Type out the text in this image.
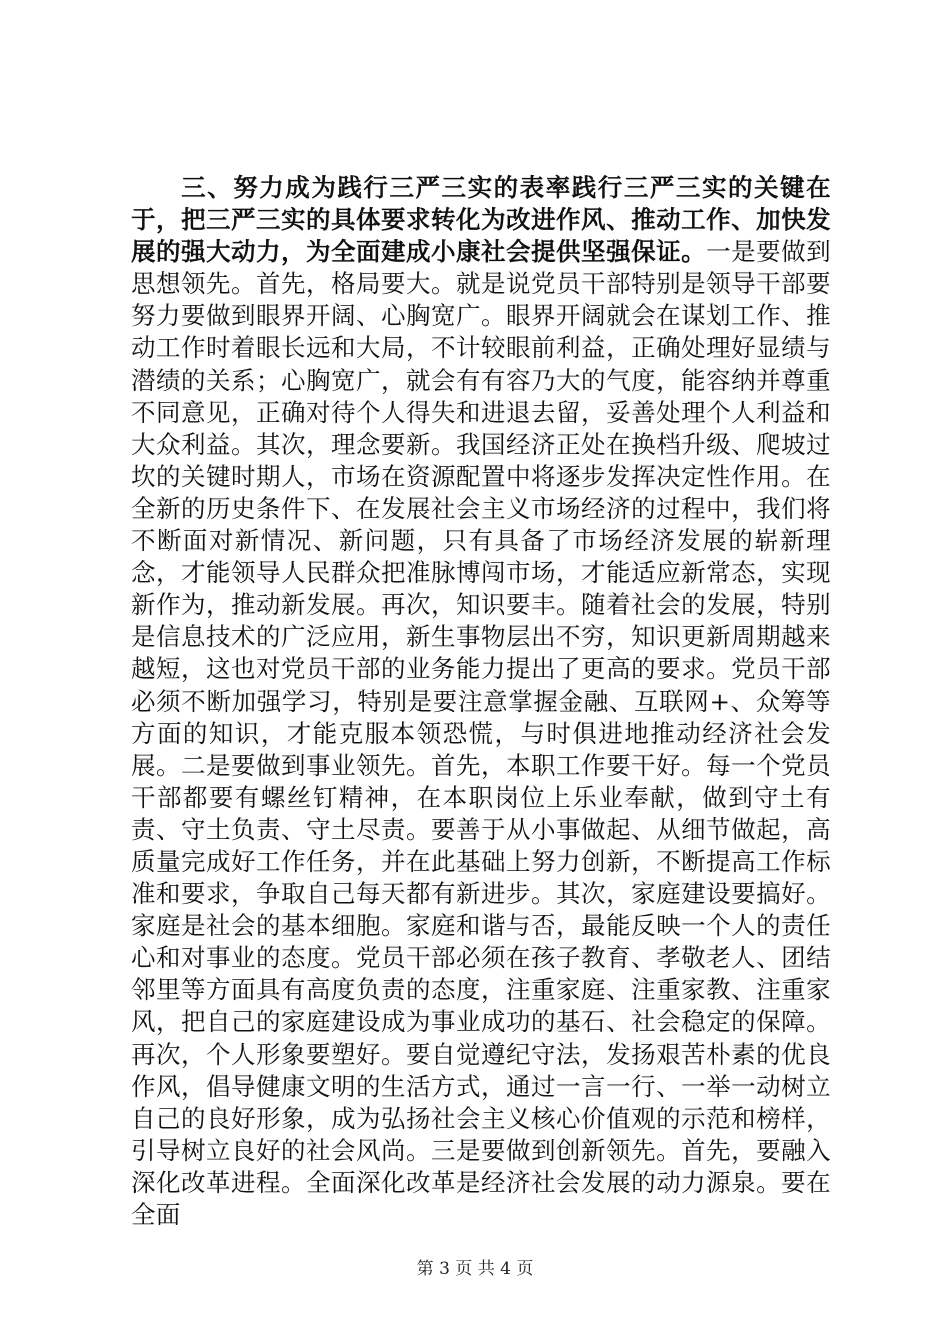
三、努力成为践行三严三实的表率践行三严三实的关键在于，把三严三实的具体要求转化为改进作风、推动工作、加快发展的强大动力，为全面建成小康社会提供坚强保证。一是要做到思想领先。首先，格局要大。就是说党员干部特别是领导干部要努力要做到眼界开阔、心胸宽广。眼界开阔就会在谋划工作、推动工作时着眼长远和大局，不计较眼前利益，正确处理好显绩与潜绩的关系；心胸宽广，就会有有容乃大的气度，能容纳并尊重不同意见，正确对待个人得失和进退去留，妥善处理个人利益和大众利益。其次，理念要新。我国经济正处在换档升级、爬坡过坎的关键时期人，市场在资源配置中将逐步发挥决定性作用。在全新的历史条件下、在发展社会主义市场经济的过程中，我们将不断面对新情况、新问题，只有具备了市场经济发展的崭新理念，才能领导人民群众把准脉博闯市场，才能适应新常态，实现新作为，推动新发展。再次，知识要丰。随着社会的发展，特别是信息技术的广泛应用，新生事物层出不穷，知识更新周期越来越短，这也对党员干部的业务能力提出了更高的要求。党员干部必须不断加强学习，特别是要注意掌握金融、互联网+、众筹等方面的知识，才能克服本领恐慌，与时俱进地推动经济社会发展。二是要做到事业领先。首先，本职工作要干好。每一个党员干部都要有螺丝钉精神，在本职岗位上乐业奉献，做到守土有责、守土负责、守土尽责。要善于从小事做起、从细节做起，高质量完成好工作任务，并在此基础上努力创新，不断提高工作标准和要求，争取自己每天都有新进步。其次，家庭建设要搞好。家庭是社会的基本细胞。家庭和谐与否，最能反映一个人的责任心和对事业的态度。党员干部必须在孩子教育、孝敬老人、团结邻里等方面具有高度负责的态度，注重家庭、注重家教、注重家风，把自己的家庭建设成为事业成功的基石、社会稳定的保障。再次，个人形象要塑好。要自觉遵纪守法，发扬艰苦朴素的优良作风，倡导健康文明的生活方式，通过一言一行、一举一动树立自己的良好形象，成为弘扬社会主义核心价值观的示范和榜样，引导树立良好的社会风尚。三是要做到创新领先。首先，要融入深化改革进程。全面深化改革是经济社会发展的动力源泉。要在全面

第 3 页 共 4 页
